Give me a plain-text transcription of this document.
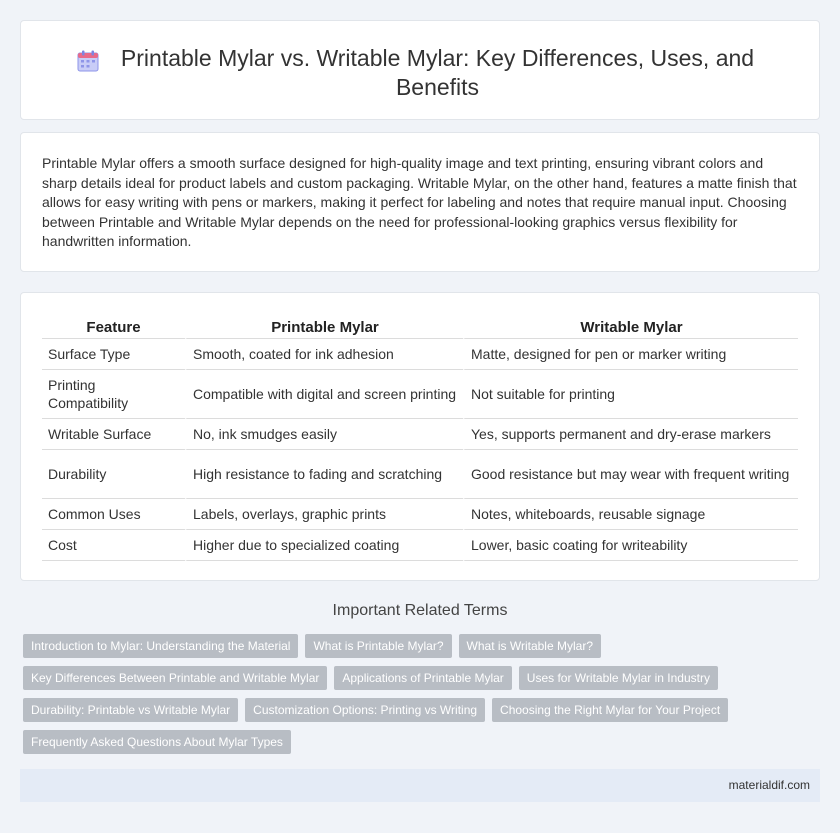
Printable Mylar vs. Writable Mylar: Key Differences, Uses, and Benefits

Printable Mylar offers a smooth surface designed for high-quality image and text printing, ensuring vibrant colors and sharp details ideal for product labels and custom packaging. Writable Mylar, on the other hand, features a matte finish that allows for easy writing with pens or markers, making it perfect for labeling and notes that require manual input. Choosing between Printable and Writable Mylar depends on the need for professional-looking graphics versus flexibility for handwritten information.

Feature	Printable Mylar	Writable Mylar
Surface Type	Smooth, coated for ink adhesion	Matte, designed for pen or marker writing
Printing Compatibility	Compatible with digital and screen printing	Not suitable for printing
Writable Surface	No, ink smudges easily	Yes, supports permanent and dry-erase markers
Durability	High resistance to fading and scratching	Good resistance but may wear with frequent writing
Common Uses	Labels, overlays, graphic prints	Notes, whiteboards, reusable signage
Cost	Higher due to specialized coating	Lower, basic coating for writeability
Important Related Terms
Introduction to Mylar: Understanding the Material	What is Printable Mylar?	What is Writable Mylar?
Key Differences Between Printable and Writable Mylar	Applications of Printable Mylar	Uses for Writable Mylar in Industry
Durability: Printable vs Writable Mylar	Customization Options: Printing vs Writing	Choosing the Right Mylar for Your Project
Frequently Asked Questions About Mylar Types
materialdif.com
